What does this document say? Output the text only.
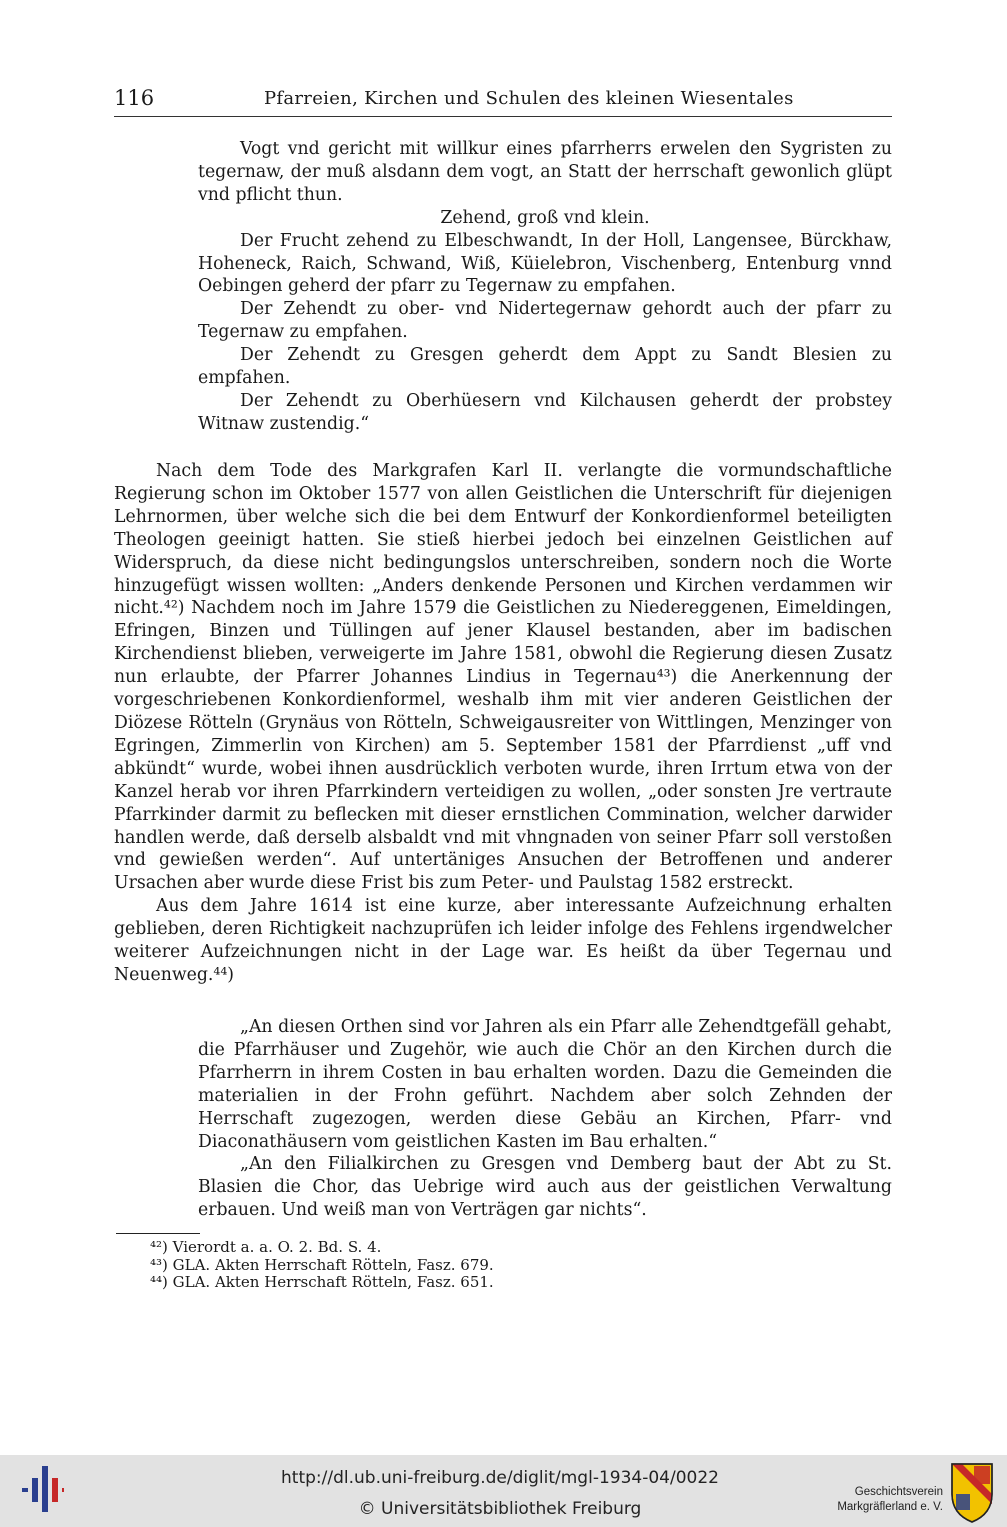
116	Pfarreien, Kirchen und Schulen des kleinen Wiesentales

Vogt vnd gericht mit willkur eines pfarrherrs erwelen den Sygristen zu tegernaw, der muß alsdann dem vogt, an Statt der herrschaft gewonlich glüpt vnd pflicht thun.

Zehend, groß vnd klein.

Der Frucht zehend zu Elbeschwandt, In der Holl, Langensee, Bürckhaw, Hoheneck, Raich, Schwand, Wiß, Küielebron, Vischenberg, Entenburg vnnd Oebingen geherd der pfarr zu Tegernaw zu empfahen.

Der Zehendt zu ober- vnd Nidertegernaw gehordt auch der pfarr zu Tegernaw zu empfahen.

Der Zehendt zu Gresgen geherdt dem Appt zu Sandt Blesien zu empfahen.

Der Zehendt zu Oberhüesern vnd Kilchausen geherdt der probstey Witnaw zustendig.“

Nach dem Tode des Markgrafen Karl II. verlangte die vormundschaftliche Regierung schon im Oktober 1577 von allen Geistlichen die Unterschrift für diejenigen Lehrnormen, über welche sich die bei dem Entwurf der Konkordienformel beteiligten Theologen geeinigt hatten. Sie stieß hierbei jedoch bei einzelnen Geistlichen auf Widerspruch, da diese nicht bedingungslos unterschreiben, sondern noch die Worte hinzugefügt wissen wollten: „Anders denkende Personen und Kirchen verdammen wir nicht.⁴²) Nachdem noch im Jahre 1579 die Geistlichen zu Niedereggenen, Eimeldingen, Efringen, Binzen und Tüllingen auf jener Klausel bestanden, aber im badischen Kirchendienst blieben, verweigerte im Jahre 1581, obwohl die Regierung diesen Zusatz nun erlaubte, der Pfarrer Johannes Lindius in Tegernau⁴³) die Anerkennung der vorgeschriebenen Konkordienformel, weshalb ihm mit vier anderen Geistlichen der Diözese Rötteln (Grynäus von Rötteln, Schweigausreiter von Wittlingen, Menzinger von Egringen, Zimmerlin von Kirchen) am 5. September 1581 der Pfarrdienst „uff vnd abkündt“ wurde, wobei ihnen ausdrücklich verboten wurde, ihren Irrtum etwa von der Kanzel herab vor ihren Pfarrkindern verteidigen zu wollen, „oder sonsten Jre vertraute Pfarrkinder darmit zu beflecken mit dieser ernstlichen Commination, welcher darwider handlen werde, daß derselb alsbaldt vnd mit vhngnaden von seiner Pfarr soll verstoßen vnd gewießen werden“. Auf untertäniges Ansuchen der Betroffenen und anderer Ursachen aber wurde diese Frist bis zum Peter- und Paulstag 1582 erstreckt.

Aus dem Jahre 1614 ist eine kurze, aber interessante Aufzeichnung erhalten geblieben, deren Richtigkeit nachzuprüfen ich leider infolge des Fehlens irgendwelcher weiterer Aufzeichnungen nicht in der Lage war. Es heißt da über Tegernau und Neuenweg.⁴⁴)

„An diesen Orthen sind vor Jahren als ein Pfarr alle Zehendtgefäll gehabt, die Pfarrhäuser und Zugehör, wie auch die Chör an den Kirchen durch die Pfarrherrn in ihrem Costen in bau erhalten worden. Dazu die Gemeinden die materialien in der Frohn geführt. Nachdem aber solch Zehnden der Herrschaft zugezogen, werden diese Gebäu an Kirchen, Pfarr- vnd Diaconathäusern vom geistlichen Kasten im Bau erhalten.“

„An den Filialkirchen zu Gresgen vnd Demberg baut der Abt zu St. Blasien die Chor, das Uebrige wird auch aus der geistlichen Verwaltung erbauen. Und weiß man von Verträgen gar nichts“.

⁴²) Vierordt a. a. O. 2. Bd. S. 4.
⁴³) GLA. Akten Herrschaft Rötteln, Fasz. 679.
⁴⁴) GLA. Akten Herrschaft Rötteln, Fasz. 651.
http://dl.ub.uni-freiburg.de/diglit/mgl-1934-04/0022
© Universitätsbibliothek Freiburg
Geschichtsverein
Markgräflerland e. V.
